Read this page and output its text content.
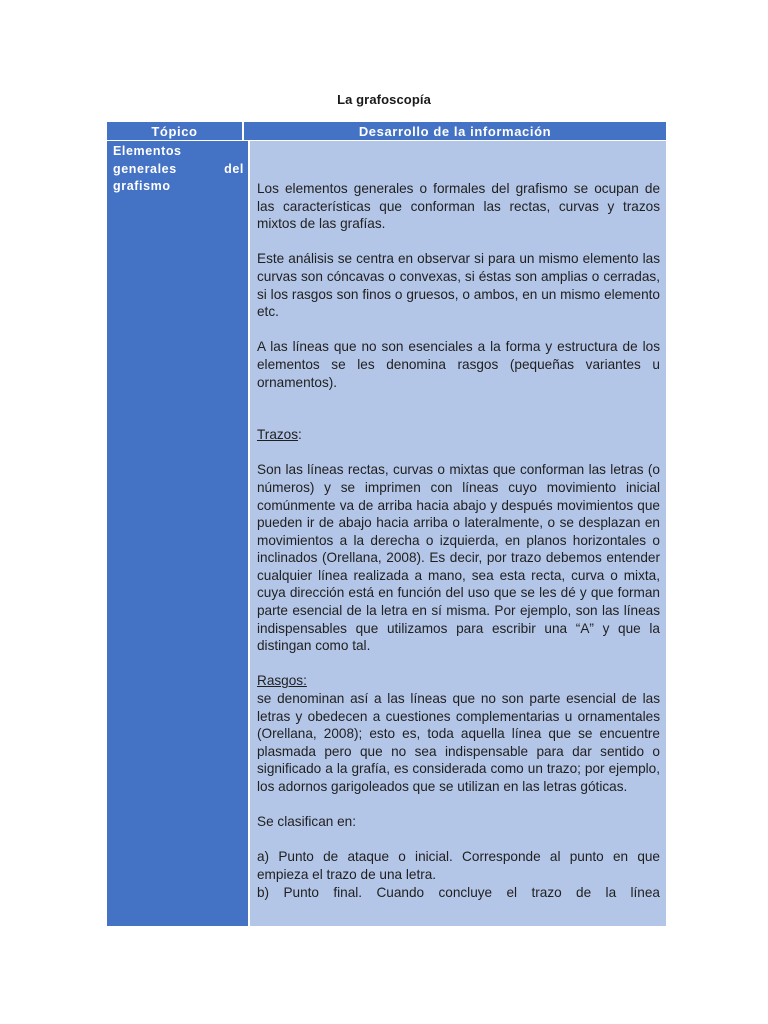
La grafoscopía
Tópico	Desarrollo de la información
Elementos
generales del
grafismo	Los elementos generales o formales del grafismo se ocupan de las características que conforman las rectas, curvas y trazos mixtos de las grafías.

Este análisis se centra en observar si para un mismo elemento las curvas son cóncavas o convexas, si éstas son amplias o cerradas, si los rasgos son finos o gruesos, o ambos, en un mismo elemento etc.

A las líneas que no son esenciales a la forma y estructura de los elementos se les denomina rasgos (pequeñas variantes u ornamentos).

Trazos:

Son las líneas rectas, curvas o mixtas que conforman las letras (o números) y se imprimen con líneas cuyo movimiento inicial comúnmente va de arriba hacia abajo y después movimientos que pueden ir de abajo hacia arriba o lateralmente, o se desplazan en movimientos a la derecha o izquierda, en planos horizontales o inclinados (Orellana, 2008). Es decir, por trazo debemos entender cualquier línea realizada a mano, sea esta recta, curva o mixta, cuya dirección está en función del uso que se les dé y que forman parte esencial de la letra en sí misma. Por ejemplo, son las líneas indispensables que utilizamos para escribir una “A” y que la distingan como tal.

Rasgos:

se denominan así a las líneas que no son parte esencial de las letras y obedecen a cuestiones complementarias u ornamentales (Orellana, 2008); esto es, toda aquella línea que se encuentre plasmada pero que no sea indispensable para dar sentido o significado a la grafía, es considerada como un trazo; por ejemplo, los adornos garigoleados que se utilizan en las letras góticas.

Se clasifican en:

a) Punto de ataque o inicial. Corresponde al punto en que empieza el trazo de una letra.

b) Punto final. Cuando concluye el trazo de la línea
